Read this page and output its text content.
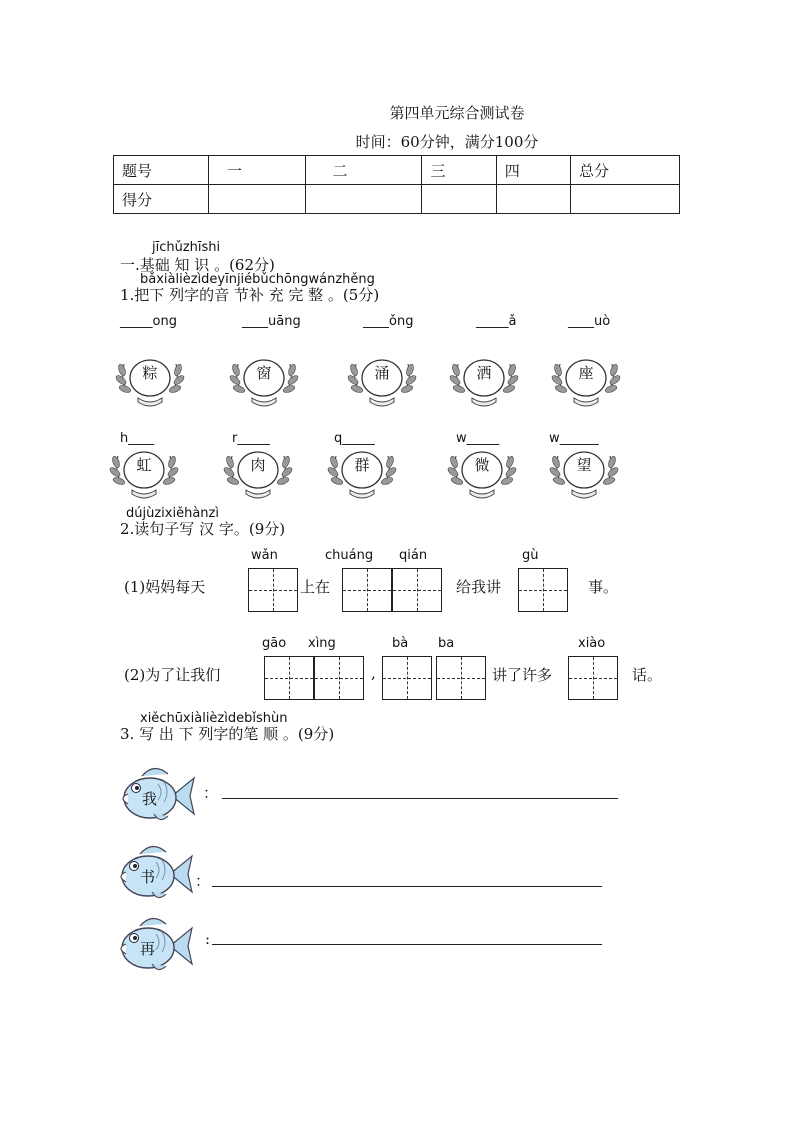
第四单元综合测试卷
时间：60分钟，满分100分
题号	一	二	三	四	总分
得分					
jīchǔzhīshi
一.基础 知 识 。(62分)
bǎxiàlièzìdeyīnjiébǔchōngwánzhěng
1.把下 列字的音 节补 充 完 整 。(5分)
_____ong	____uāng	____ǒng	_____ǎ	____uò
粽	窗	涌	洒	座
h____	r_____	q_____	w_____	w______
虹	肉	群	微	望
dújùzixiěhànzì
2.读句子写 汉 字。(9分)
wǎn	chuáng qián	gù
(1)妈妈每天	上在	给我讲	事。
gāo xìng	bà ba	xiào
(2)为了让我们	,	讲了许多	话。
xiěchūxiàlièzìdebǐshùn
3. 写 出 下 列字的笔 顺 。(9分)
我	：
书	：
再
:
